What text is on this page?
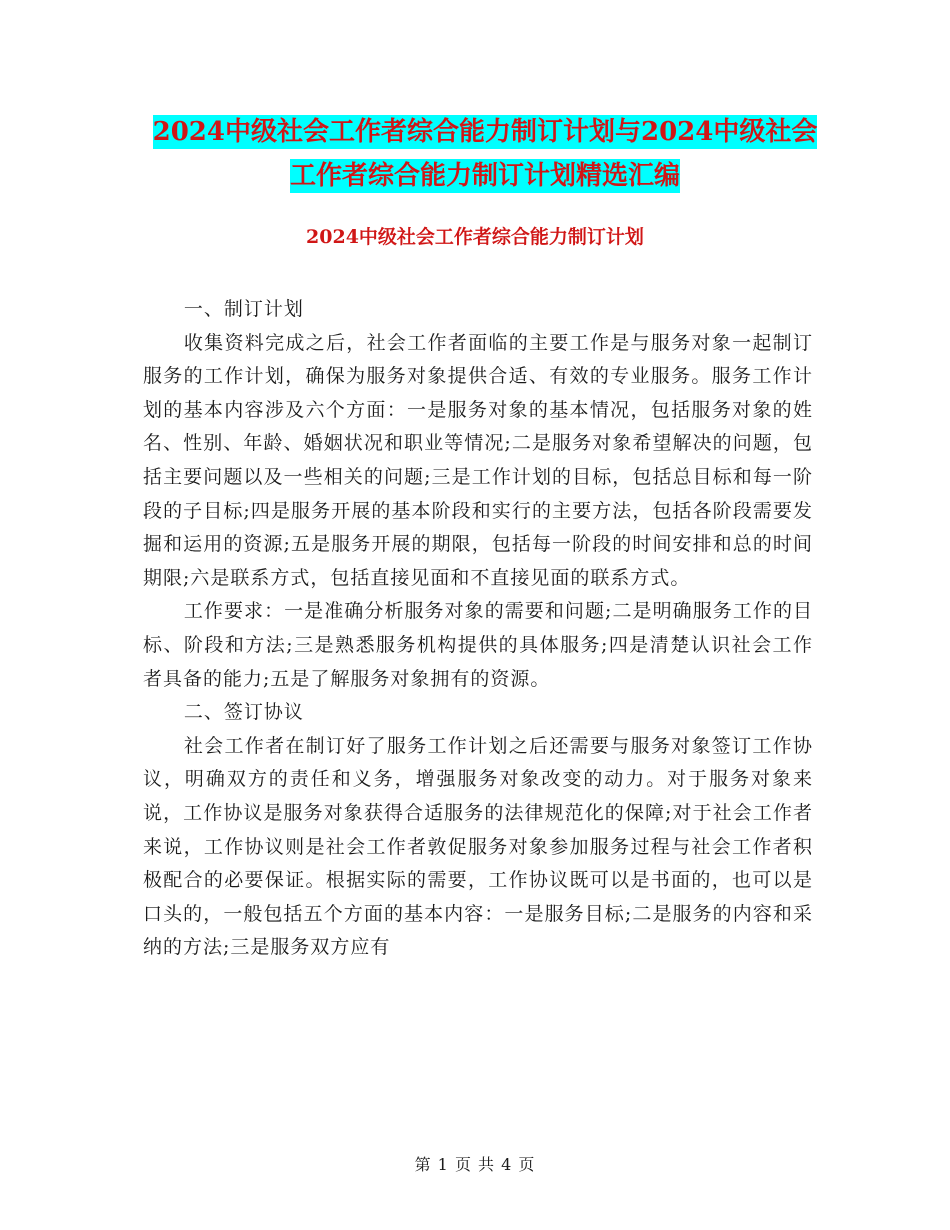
2024中级社会工作者综合能力制订计划与2024中级社会工作者综合能力制订计划精选汇编
2024中级社会工作者综合能力制订计划

一、制订计划

收集资料完成之后，社会工作者面临的主要工作是与服务对象一起制订服务的工作计划，确保为服务对象提供合适、有效的专业服务。服务工作计划的基本内容涉及六个方面：一是服务对象的基本情况，包括服务对象的姓名、性别、年龄、婚姻状况和职业等情况;二是服务对象希望解决的问题，包括主要问题以及一些相关的问题;三是工作计划的目标，包括总目标和每一阶段的子目标;四是服务开展的基本阶段和实行的主要方法，包括各阶段需要发掘和运用的资源;五是服务开展的期限，包括每一阶段的时间安排和总的时间期限;六是联系方式，包括直接见面和不直接见面的联系方式。

工作要求：一是准确分析服务对象的需要和问题;二是明确服务工作的目标、阶段和方法;三是熟悉服务机构提供的具体服务;四是清楚认识社会工作者具备的能力;五是了解服务对象拥有的资源。

二、签订协议

社会工作者在制订好了服务工作计划之后还需要与服务对象签订工作协议，明确双方的责任和义务，增强服务对象改变的动力。对于服务对象来说，工作协议是服务对象获得合适服务的法律规范化的保障;对于社会工作者来说，工作协议则是社会工作者敦促服务对象参加服务过程与社会工作者积极配合的必要保证。根据实际的需要，工作协议既可以是书面的，也可以是口头的，一般包括五个方面的基本内容：一是服务目标;二是服务的内容和采纳的方法;三是服务双方应有

第 1 页 共 4 页
